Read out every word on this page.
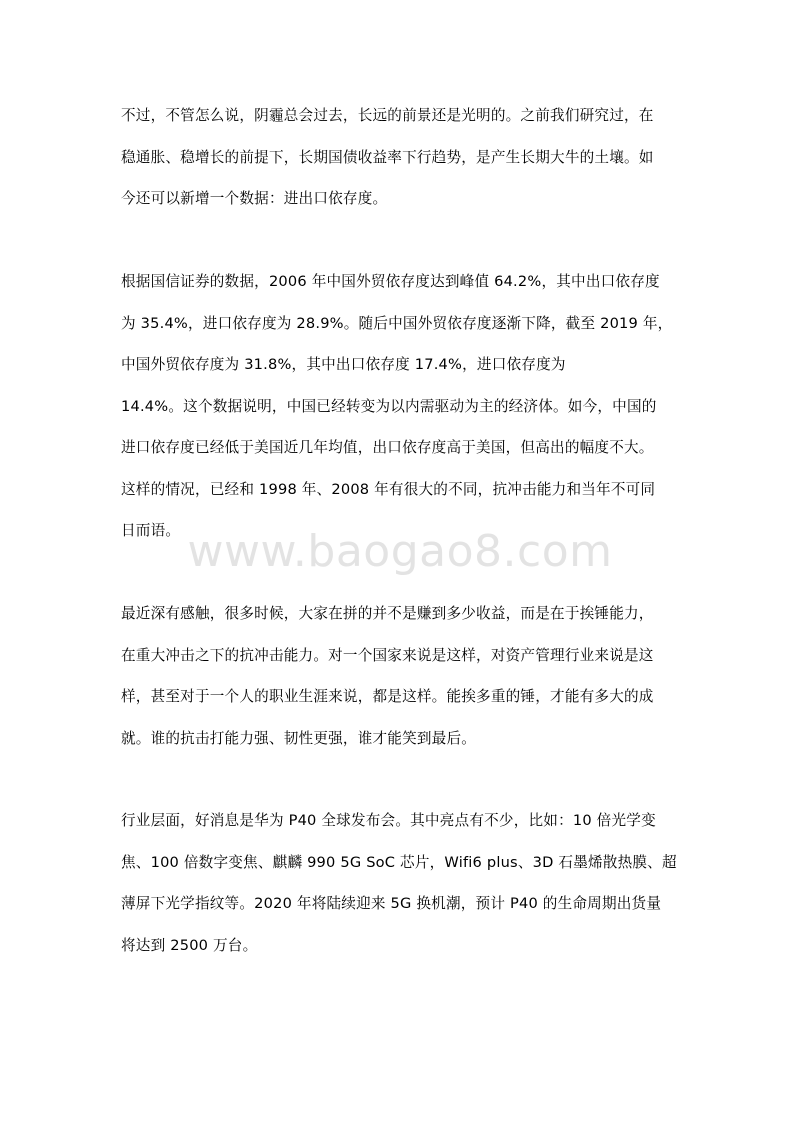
www.baogao8.com
不过，不管怎么说，阴霾总会过去，长远的前景还是光明的。之前我们研究过，在
稳通胀、稳增长的前提下，长期国债收益率下行趋势，是产生长期大牛的土壤。如
今还可以新增一个数据：进出口依存度。
根据国信证券的数据，2006 年中国外贸依存度达到峰值 64.2%，其中出口依存度
为 35.4%，进口依存度为 28.9%。随后中国外贸依存度逐渐下降，截至 2019 年，
中国外贸依存度为 31.8%，其中出口依存度 17.4%，进口依存度为
14.4%。这个数据说明，中国已经转变为以内需驱动为主的经济体。如今，中国的
进口依存度已经低于美国近几年均值，出口依存度高于美国，但高出的幅度不大。
这样的情况，已经和 1998 年、2008 年有很大的不同，抗冲击能力和当年不可同
日而语。
最近深有感触，很多时候，大家在拼的并不是赚到多少收益，而是在于挨锤能力，
在重大冲击之下的抗冲击能力。对一个国家来说是这样，对资产管理行业来说是这
样，甚至对于一个人的职业生涯来说，都是这样。能挨多重的锤，才能有多大的成
就。谁的抗击打能力强、韧性更强，谁才能笑到最后。
行业层面，好消息是华为 P40 全球发布会。其中亮点有不少，比如：10 倍光学变
焦、100 倍数字变焦、麒麟 990 5G SoC 芯片，Wifi6 plus、3D 石墨烯散热膜、超
薄屏下光学指纹等。2020 年将陆续迎来 5G 换机潮，预计 P40 的生命周期出货量
将达到 2500 万台。
